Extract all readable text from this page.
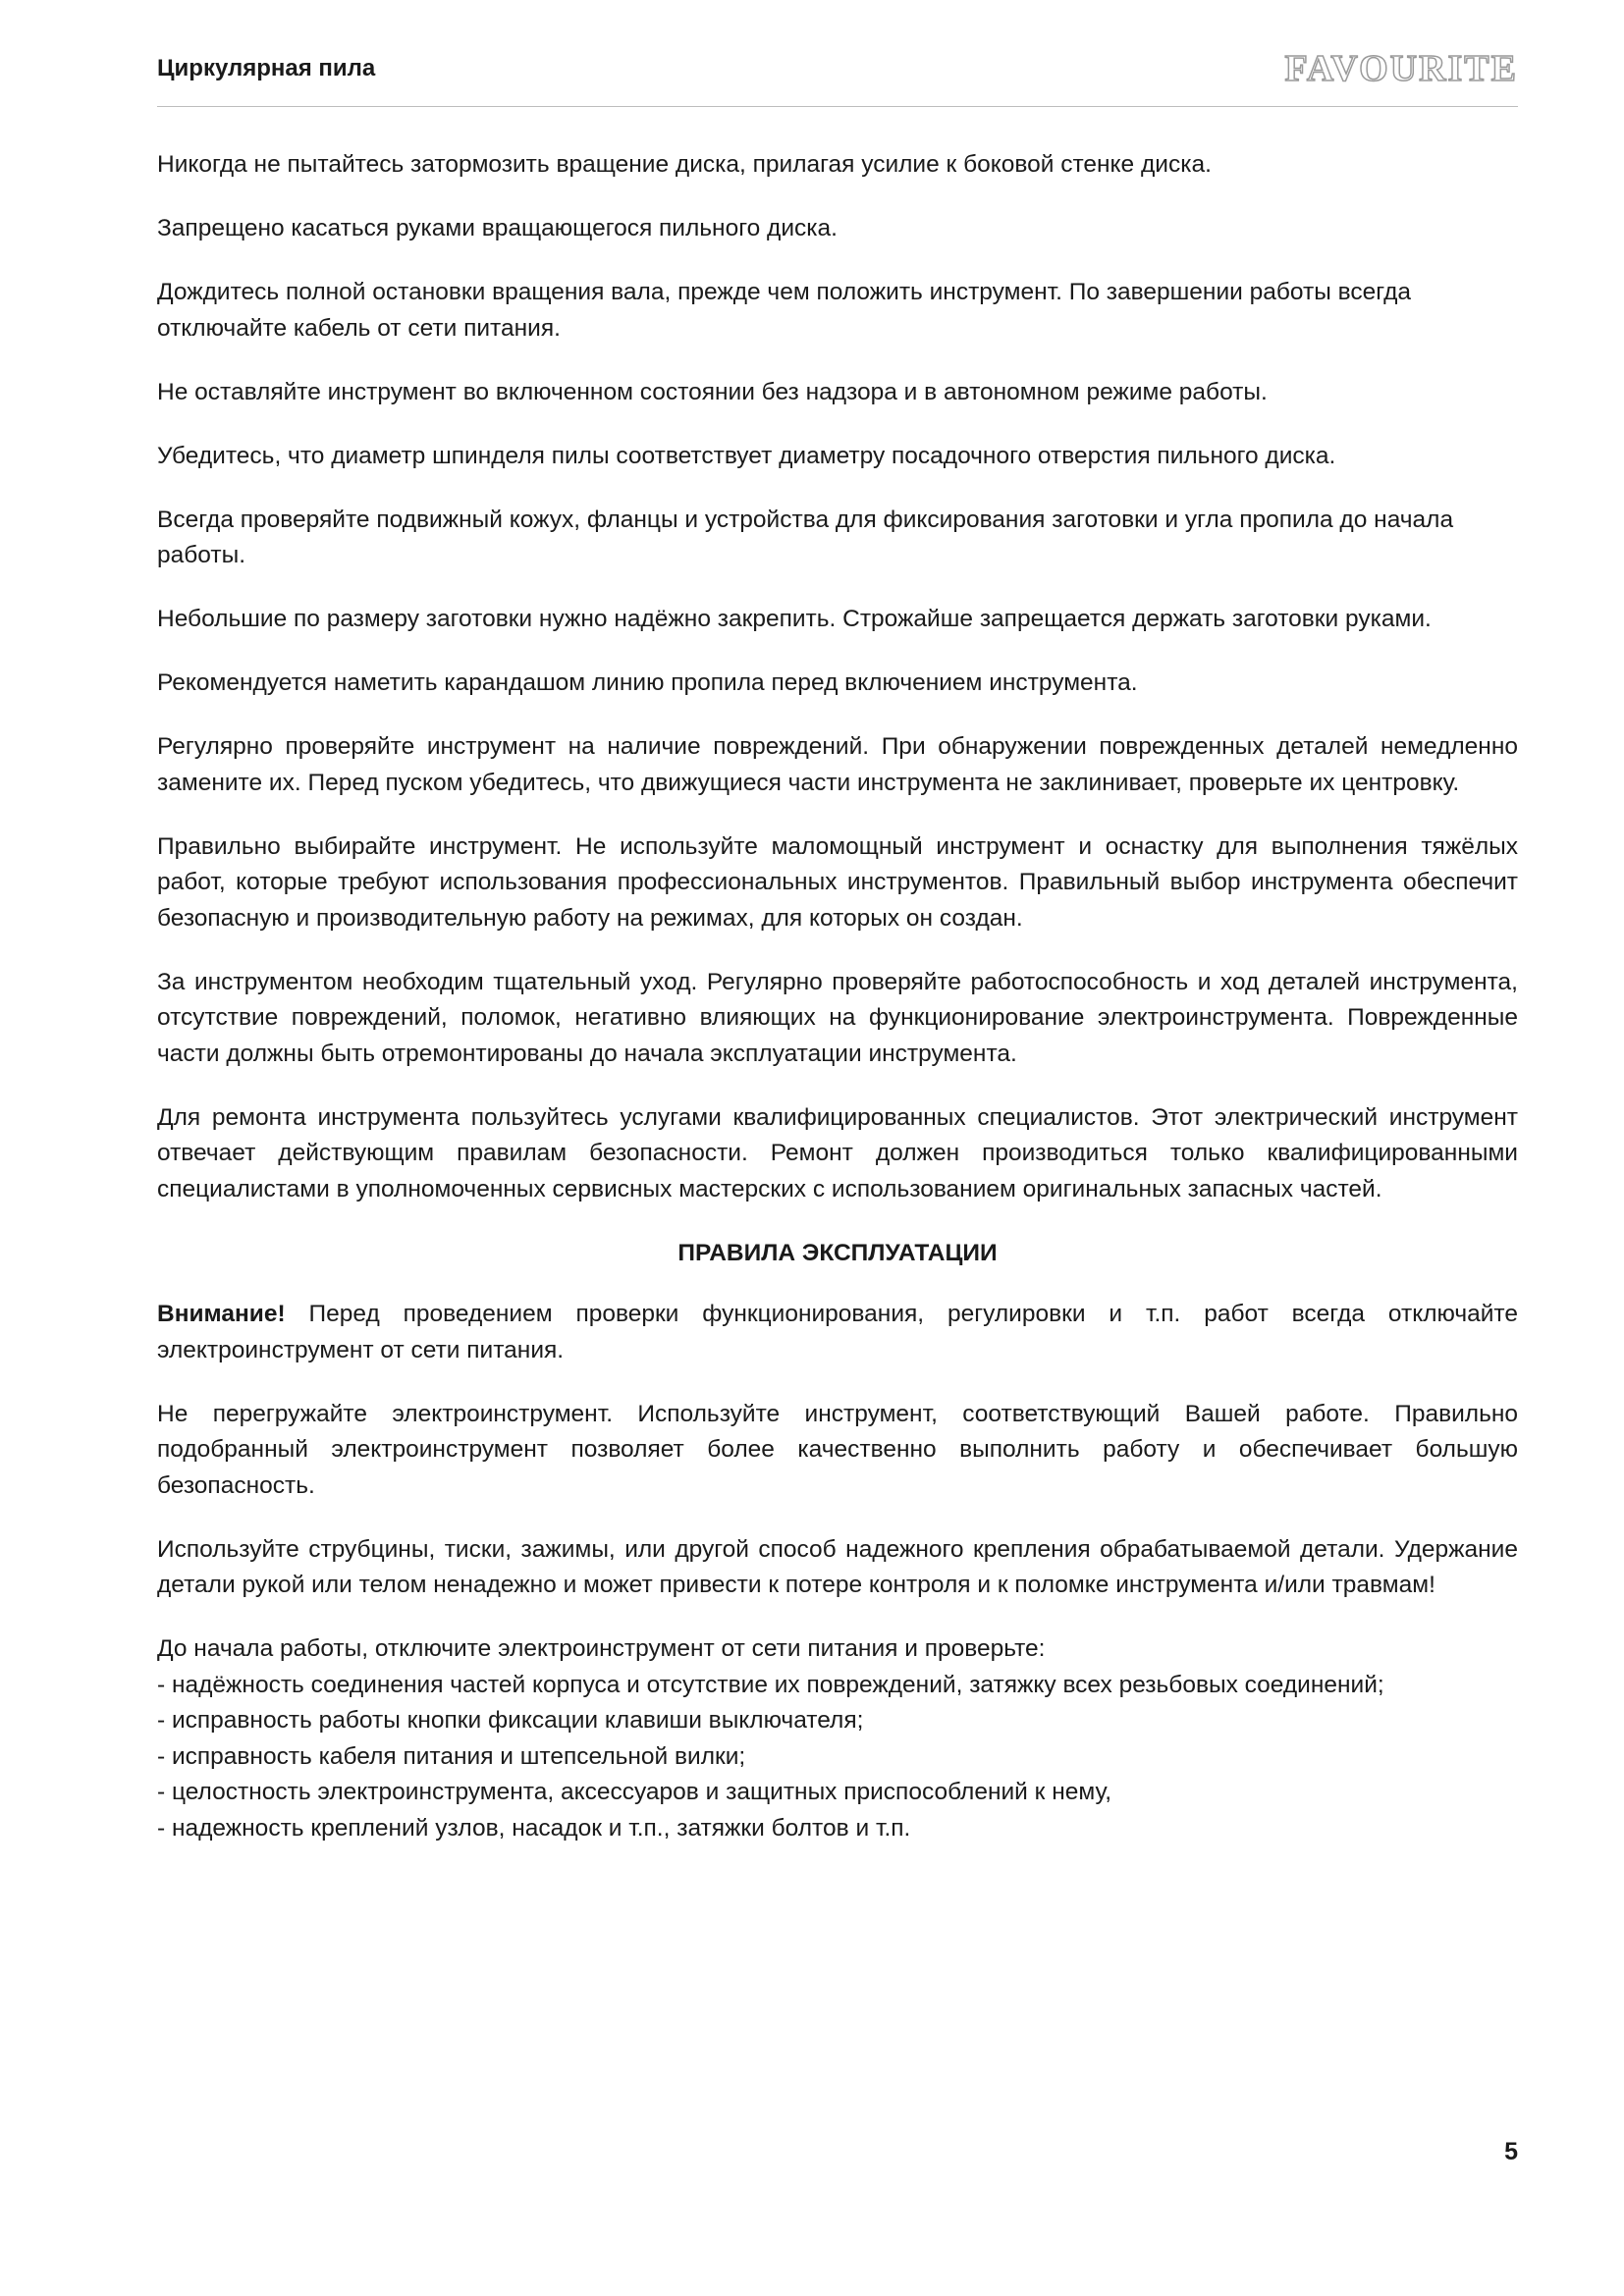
Циркулярная пила	FAVOURITE

Никогда не пытайтесь затормозить вращение диска, прилагая усилие к боковой стенке диска.

Запрещено касаться руками вращающегося пильного диска.

Дождитесь полной остановки вращения вала, прежде чем положить инструмент. По завершении работы всегда отключайте кабель от сети питания.

Не оставляйте инструмент во включенном состоянии без надзора и в автономном режиме работы.

Убедитесь, что диаметр шпинделя пилы соответствует диаметру посадочного отверстия пильного диска.

Всегда проверяйте подвижный кожух, фланцы и устройства для фиксирования заготовки и угла пропила до начала работы.

Небольшие по размеру заготовки нужно надёжно закрепить. Строжайше запрещается держать заготовки руками.

Рекомендуется наметить карандашом линию пропила перед включением инструмента.

Регулярно проверяйте инструмент на наличие повреждений. При обнаружении поврежденных деталей немедленно замените их. Перед пуском убедитесь, что движущиеся части инструмента не заклинивает, проверьте их центровку.

Правильно выбирайте инструмент. Не используйте маломощный инструмент и оснастку для выполнения тяжёлых работ, которые требуют использования профессиональных инструментов. Правильный выбор инструмента обеспечит безопасную и производительную работу на режимах, для которых он создан.

За инструментом необходим тщательный уход. Регулярно проверяйте работоспособность и ход деталей инструмента, отсутствие повреждений, поломок, негативно влияющих на функционирование электроинструмента. Поврежденные части должны быть отремонтированы до начала эксплуатации инструмента.

Для ремонта инструмента пользуйтесь услугами квалифицированных специалистов. Этот электрический инструмент отвечает действующим правилам безопасности. Ремонт должен производиться только квалифицированными специалистами в уполномоченных сервисных мастерских с использованием оригинальных запасных частей.

ПРАВИЛА ЭКСПЛУАТАЦИИ

Внимание! Перед проведением проверки функционирования, регулировки и т.п. работ всегда отключайте электроинструмент от сети питания.

Не перегружайте электроинструмент. Используйте инструмент, соответствующий Вашей работе. Правильно подобранный электроинструмент позволяет более качественно выполнить работу и обеспечивает большую безопасность.

Используйте струбцины, тиски, зажимы, или другой способ надежного крепления обрабатываемой детали. Удержание детали рукой или телом ненадежно и может привести к потере контроля и к поломке инструмента и/или травмам!

До начала работы, отключите электроинструмент от сети питания и проверьте:
- надёжность соединения частей корпуса и отсутствие их повреждений, затяжку всех резьбовых соединений;
- исправность работы кнопки фиксации клавиши выключателя;
- исправность кабеля питания и штепсельной вилки;
- целостность электроинструмента, аксессуаров и защитных приспособлений к нему,
- надежность креплений узлов, насадок и т.п., затяжки болтов и т.п.
5
